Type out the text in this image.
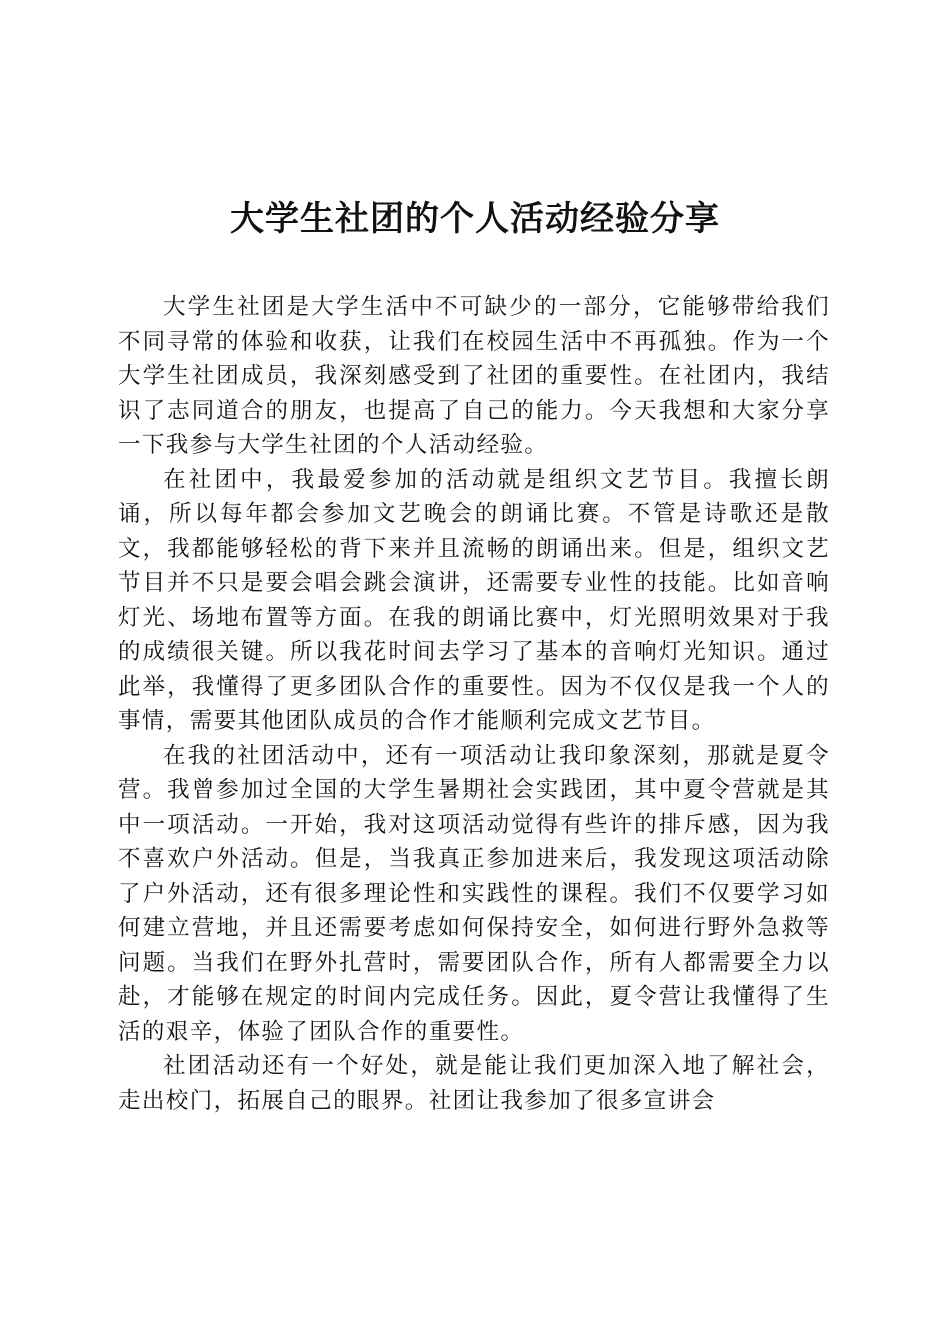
大学生社团的个人活动经验分享

大学生社团是大学生活中不可缺少的一部分，它能够带给我们不同寻常的体验和收获，让我们在校园生活中不再孤独。作为一个大学生社团成员，我深刻感受到了社团的重要性。在社团内，我结识了志同道合的朋友，也提高了自己的能力。今天我想和大家分享一下我参与大学生社团的个人活动经验。

在社团中，我最爱参加的活动就是组织文艺节目。我擅长朗诵，所以每年都会参加文艺晚会的朗诵比赛。不管是诗歌还是散文，我都能够轻松的背下来并且流畅的朗诵出来。但是，组织文艺节目并不只是要会唱会跳会演讲，还需要专业性的技能。比如音响灯光、场地布置等方面。在我的朗诵比赛中，灯光照明效果对于我的成绩很关键。所以我花时间去学习了基本的音响灯光知识。通过此举，我懂得了更多团队合作的重要性。因为不仅仅是我一个人的事情，需要其他团队成员的合作才能顺利完成文艺节目。

在我的社团活动中，还有一项活动让我印象深刻，那就是夏令营。我曾参加过全国的大学生暑期社会实践团，其中夏令营就是其中一项活动。一开始，我对这项活动觉得有些许的排斥感，因为我不喜欢户外活动。但是，当我真正参加进来后，我发现这项活动除了户外活动，还有很多理论性和实践性的课程。我们不仅要学习如何建立营地，并且还需要考虑如何保持安全，如何进行野外急救等问题。当我们在野外扎营时，需要团队合作，所有人都需要全力以赴，才能够在规定的时间内完成任务。因此，夏令营让我懂得了生活的艰辛，体验了团队合作的重要性。

社团活动还有一个好处，就是能让我们更加深入地了解社会，走出校门，拓展自己的眼界。社团让我参加了很多宣讲会
